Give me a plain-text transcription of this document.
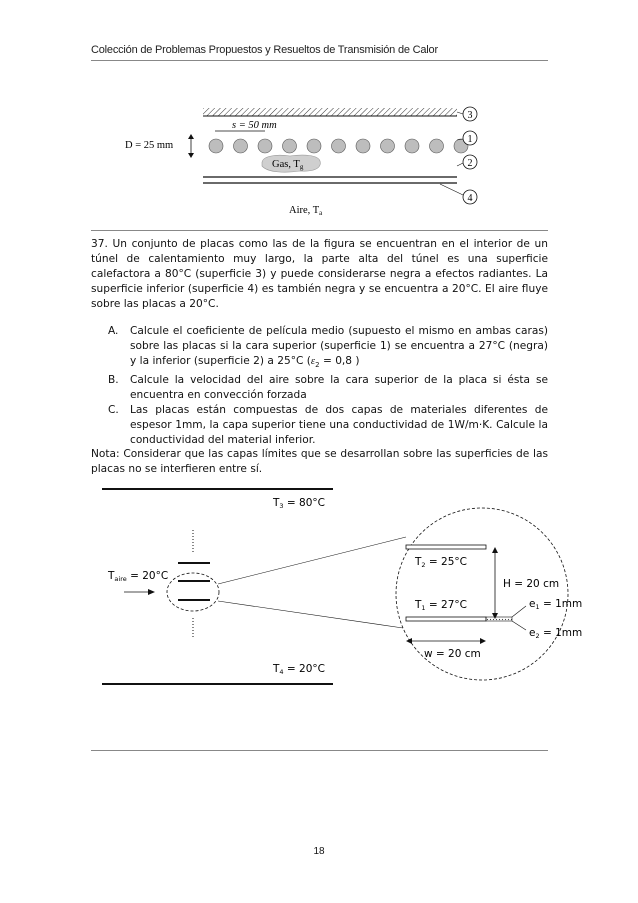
Colección de Problemas Propuestos y Resueltos de Transmisión de Calor
s = 50 mm
D = 25 mm
Gas, Tg
3
1
2
4
Aire, Ta
37. Un conjunto de placas como las de la figura se encuentran en el interior de un túnel de calentamiento muy largo, la parte alta del túnel es una superficie calefactora a 80°C (superficie 3) y puede considerarse negra a efectos radiantes. La superficie inferior (superficie 4) es también negra y se encuentra a 20°C. El aire fluye sobre las placas a 20°C.
A. Calcule el coeficiente de película medio (supuesto el mismo en ambas caras) sobre las placas si la cara superior (superficie 1) se encuentra a 27°C (negra) y la inferior (superficie 2) a 25°C ($\varepsilon_2 = 0,8$ )
B. Calcule la velocidad del aire sobre la cara superior de la placa si ésta se encuentra en convección forzada
C. Las placas están compuestas de dos capas de materiales diferentes de espesor 1mm, la capa superior tiene una conductividad de 1W/m·K. Calcule la conductividad del material inferior.
Nota: Considerar que las capas límites que se desarrollan sobre las superficies de las placas no se interfieren entre sí.
T3 = 80°C
Taire = 20°C
T4 = 20°C
T2 = 25°C
T1 = 27°C
H = 20 cm
e1 = 1mm
e2 = 1mm
w = 20 cm
18
